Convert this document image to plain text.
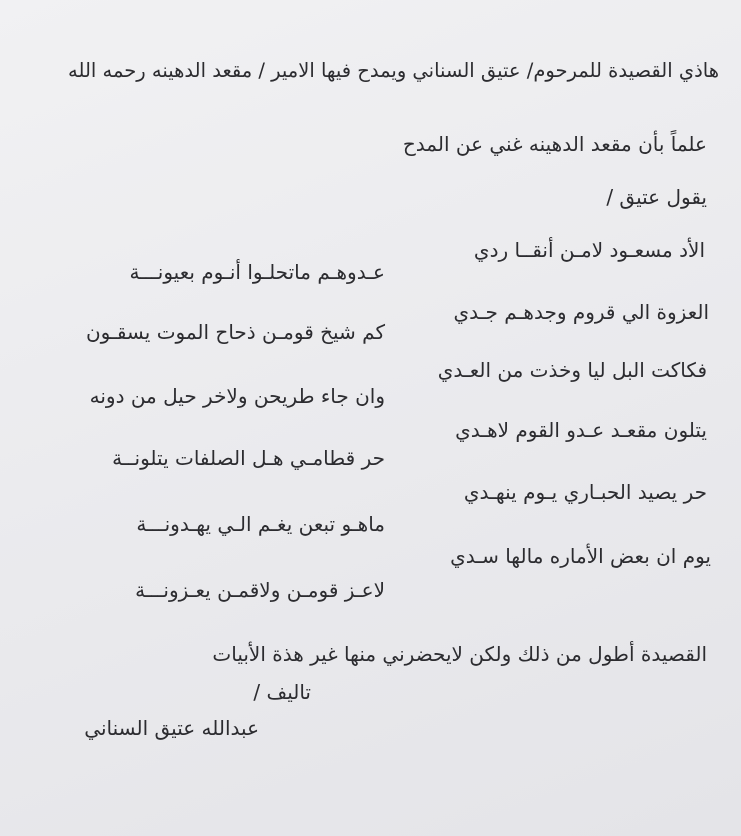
هاذي القصيدة للمرحوم/ عتيق السناني ويمدح فيها الامير / مقعد الدهينه رحمه الله
علماً بأن مقعد الدهينه غني عن المدح
يقول عتيق /
الأد مسعـود لامـن أنقــا ردي
عـدوهـم ماتحلـوا أنـوم بعيونـــة
العزوة الي قروم وجدهـم جـدي
كم شيخ قومـن ذحاح الموت يسقـون
فكاكت البل ليا وخذت من العـدي
وان جاء طريحن ولاخر حيل من دونه
يتلون مقعـد عـدو القوم لاهـدي
حر قطامـي هـل الصلفات يتلونــة
حر يصيد الحبـاري يـوم ينهـدي
ماهـو تبعن يغـم الـي يهـدونـــة
يوم ان بعض الأماره مالها سـدي
لاعـز قومـن ولاقمـن يعـزونـــة
القصيدة أطول من ذلك ولكن لايحضرني منها غير هذة الأبيات
تاليف /
عبدالله عتيق السناني
